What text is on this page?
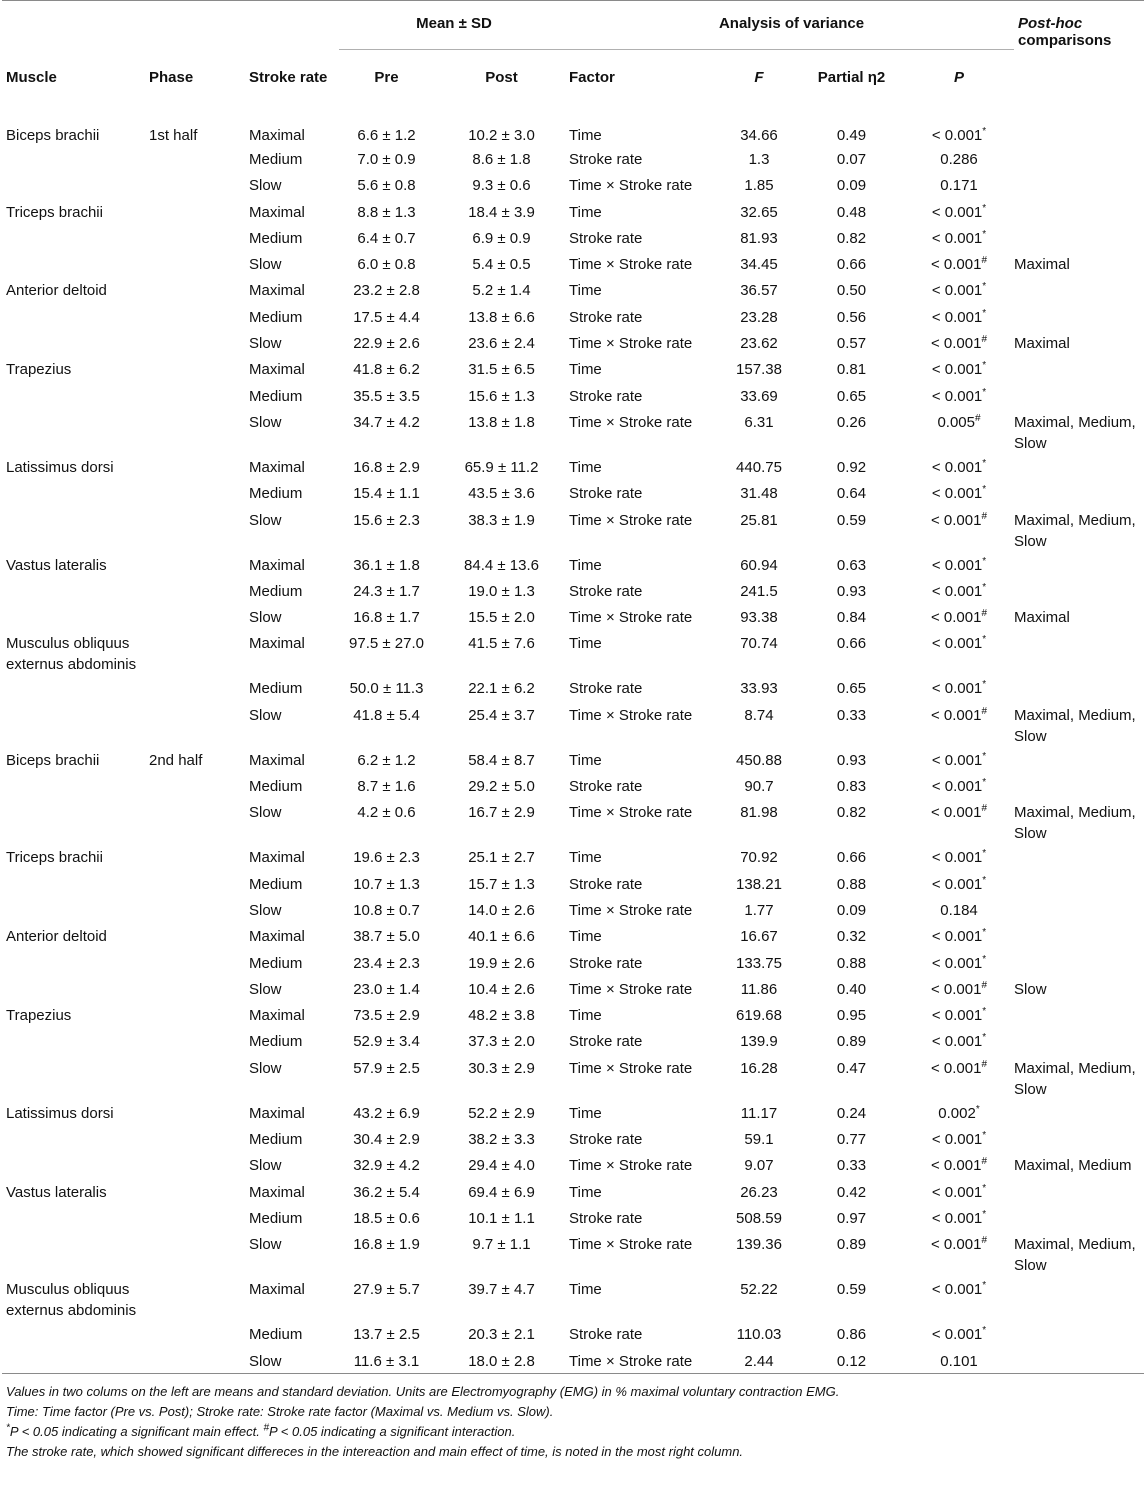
			Mean ± SD		Analysis of variance				Post-hoc
comparisons
Muscle	Phase	Stroke rate	Pre	Post	Factor	F	Partial η2	P	
Biceps brachii	1st half	Maximal	6.6 ± 1.2	10.2 ± 3.0	Time	34.66	0.49	< 0.001*	
		Medium	7.0 ± 0.9	8.6 ± 1.8	Stroke rate	1.3	0.07	0.286	
		Slow	5.6 ± 0.8	9.3 ± 0.6	Time × Stroke rate	1.85	0.09	0.171	
Triceps brachii		Maximal	8.8 ± 1.3	18.4 ± 3.9	Time	32.65	0.48	< 0.001*	
		Medium	6.4 ± 0.7	6.9 ± 0.9	Stroke rate	81.93	0.82	< 0.001*	
		Slow	6.0 ± 0.8	5.4 ± 0.5	Time × Stroke rate	34.45	0.66	< 0.001#	Maximal
Anterior deltoid		Maximal	23.2 ± 2.8	5.2 ± 1.4	Time	36.57	0.50	< 0.001*	
		Medium	17.5 ± 4.4	13.8 ± 6.6	Stroke rate	23.28	0.56	< 0.001*	
		Slow	22.9 ± 2.6	23.6 ± 2.4	Time × Stroke rate	23.62	0.57	< 0.001#	Maximal
Trapezius		Maximal	41.8 ± 6.2	31.5 ± 6.5	Time	157.38	0.81	< 0.001*	
		Medium	35.5 ± 3.5	15.6 ± 1.3	Stroke rate	33.69	0.65	< 0.001*	
		Slow	34.7 ± 4.2	13.8 ± 1.8	Time × Stroke rate	6.31	0.26	0.005#	Maximal, Medium, Slow
Latissimus dorsi		Maximal	16.8 ± 2.9	65.9 ± 11.2	Time	440.75	0.92	< 0.001*	
		Medium	15.4 ± 1.1	43.5 ± 3.6	Stroke rate	31.48	0.64	< 0.001*	
		Slow	15.6 ± 2.3	38.3 ± 1.9	Time × Stroke rate	25.81	0.59	< 0.001#	Maximal, Medium, Slow
Vastus lateralis		Maximal	36.1 ± 1.8	84.4 ± 13.6	Time	60.94	0.63	< 0.001*	
		Medium	24.3 ± 1.7	19.0 ± 1.3	Stroke rate	241.5	0.93	< 0.001*	
		Slow	16.8 ± 1.7	15.5 ± 2.0	Time × Stroke rate	93.38	0.84	< 0.001#	Maximal
Musculus obliquus externus abdominis		Maximal	97.5 ± 27.0	41.5 ± 7.6	Time	70.74	0.66	< 0.001*	
		Medium	50.0 ± 11.3	22.1 ± 6.2	Stroke rate	33.93	0.65	< 0.001*	
		Slow	41.8 ± 5.4	25.4 ± 3.7	Time × Stroke rate	8.74	0.33	< 0.001#	Maximal, Medium, Slow
Biceps brachii	2nd half	Maximal	6.2 ± 1.2	58.4 ± 8.7	Time	450.88	0.93	< 0.001*	
		Medium	8.7 ± 1.6	29.2 ± 5.0	Stroke rate	90.7	0.83	< 0.001*	
		Slow	4.2 ± 0.6	16.7 ± 2.9	Time × Stroke rate	81.98	0.82	< 0.001#	Maximal, Medium, Slow
Triceps brachii		Maximal	19.6 ± 2.3	25.1 ± 2.7	Time	70.92	0.66	< 0.001*	
		Medium	10.7 ± 1.3	15.7 ± 1.3	Stroke rate	138.21	0.88	< 0.001*	
		Slow	10.8 ± 0.7	14.0 ± 2.6	Time × Stroke rate	1.77	0.09	0.184	
Anterior deltoid		Maximal	38.7 ± 5.0	40.1 ± 6.6	Time	16.67	0.32	< 0.001*	
		Medium	23.4 ± 2.3	19.9 ± 2.6	Stroke rate	133.75	0.88	< 0.001*	
		Slow	23.0 ± 1.4	10.4 ± 2.6	Time × Stroke rate	11.86	0.40	< 0.001#	Slow
Trapezius		Maximal	73.5 ± 2.9	48.2 ± 3.8	Time	619.68	0.95	< 0.001*	
		Medium	52.9 ± 3.4	37.3 ± 2.0	Stroke rate	139.9	0.89	< 0.001*	
		Slow	57.9 ± 2.5	30.3 ± 2.9	Time × Stroke rate	16.28	0.47	< 0.001#	Maximal, Medium, Slow
Latissimus dorsi		Maximal	43.2 ± 6.9	52.2 ± 2.9	Time	11.17	0.24	0.002*	
		Medium	30.4 ± 2.9	38.2 ± 3.3	Stroke rate	59.1	0.77	< 0.001*	
		Slow	32.9 ± 4.2	29.4 ± 4.0	Time × Stroke rate	9.07	0.33	< 0.001#	Maximal, Medium
Vastus lateralis		Maximal	36.2 ± 5.4	69.4 ± 6.9	Time	26.23	0.42	< 0.001*	
		Medium	18.5 ± 0.6	10.1 ± 1.1	Stroke rate	508.59	0.97	< 0.001*	
		Slow	16.8 ± 1.9	9.7 ± 1.1	Time × Stroke rate	139.36	0.89	< 0.001#	Maximal, Medium, Slow
Musculus obliquus externus abdominis		Maximal	27.9 ± 5.7	39.7 ± 4.7	Time	52.22	0.59	< 0.001*	
		Medium	13.7 ± 2.5	20.3 ± 2.1	Stroke rate	110.03	0.86	< 0.001*	
		Slow	11.6 ± 3.1	18.0 ± 2.8	Time × Stroke rate	2.44	0.12	0.101	

Values in two colums on the left are means and standard deviation. Units are Electromyography (EMG) in % maximal voluntary contraction EMG.
Time: Time factor (Pre vs. Post); Stroke rate: Stroke rate factor (Maximal vs. Medium vs. Slow).
*P < 0.05 indicating a significant main effect. #P < 0.05 indicating a significant interaction.
The stroke rate, which showed significant differeces in the intereaction and main effect of time, is noted in the most right column.									
